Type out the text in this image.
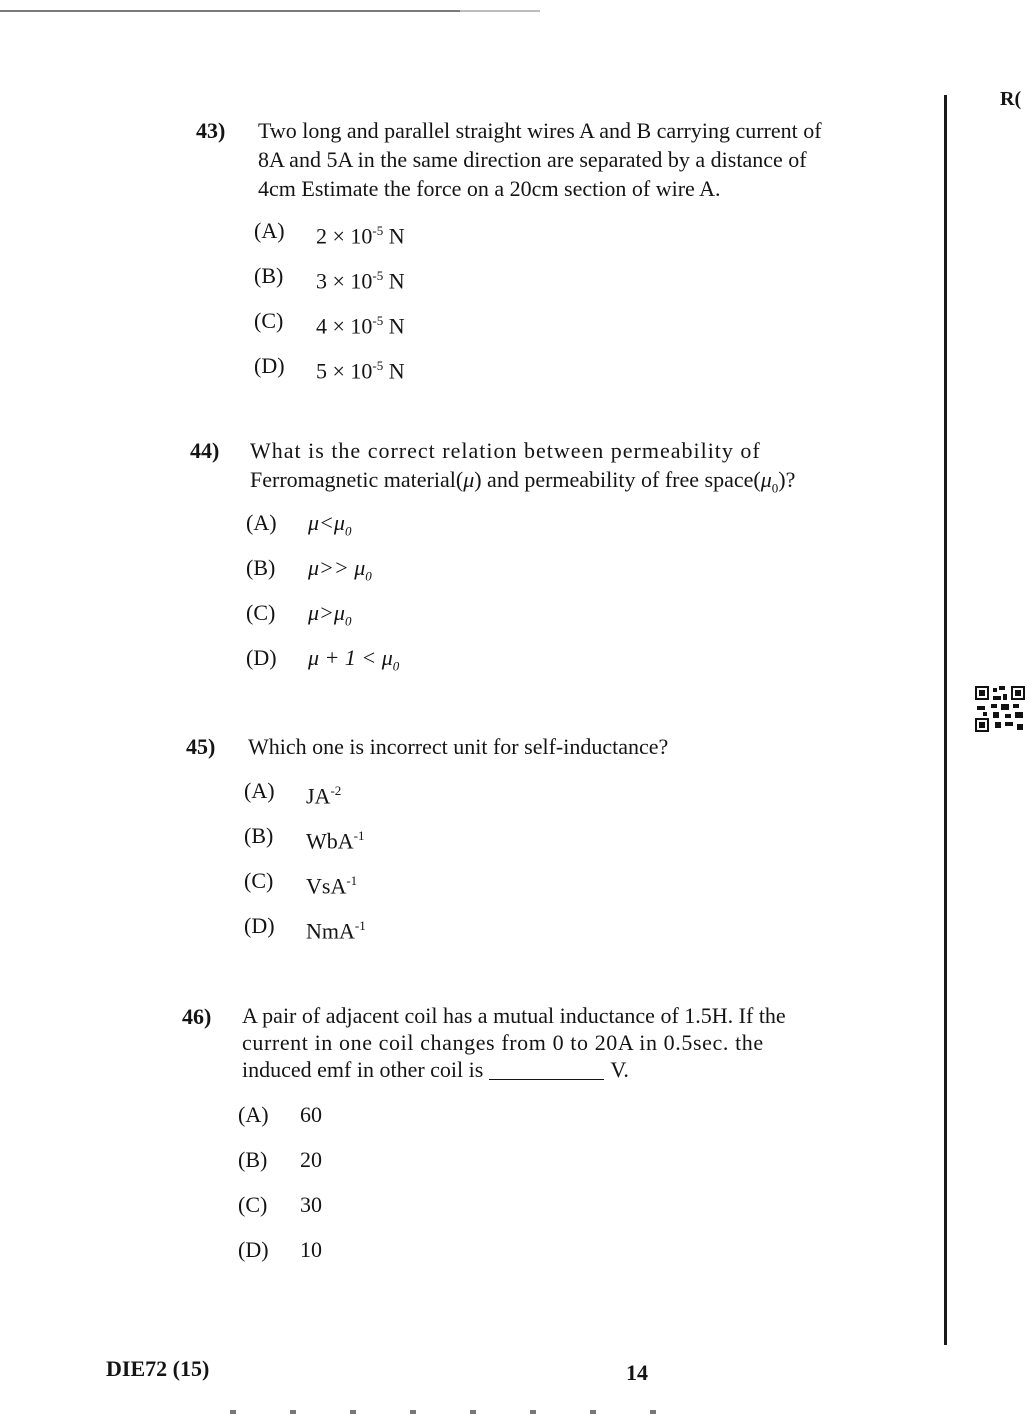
R(
43) Two long and parallel straight wires A and B carrying current of
8A and 5A in the same direction are separated by a distance of
4cm Estimate the force on a 20cm section of wire A.
(A)	$2 \times 10^{-5}$ N
(B)	$3 \times 10^{-5}$ N
(C)	$4 \times 10^{-5}$ N
(D)	$5 \times 10^{-5}$ N
44) What is the correct relation between permeability of
Ferromagnetic material(μ) and permeability of free $space(\mu_0)$?
(A)	$\mu<\mu_0$
(B)	$\mu>> \mu_0$
(C)	$\mu>\mu_0$
(D)	$\mu + 1 < \mu_0$
45) Which one is incorrect unit for self-inductance?
(A)	$JA^{-2}$
(B)	WbA$^{-1}$
(C)	VsA$^{-1}$
(D)	NmA$^{-1}$
46) A pair of adjacent coil has a mutual inductance of 1.5H. If the
current in one coil changes from 0 to 20A in 0.5sec. the
induced emf in other coil is	V.
(A)	60
(B)	20
(C)	30
(D)	10
DIE72 (15)	14
